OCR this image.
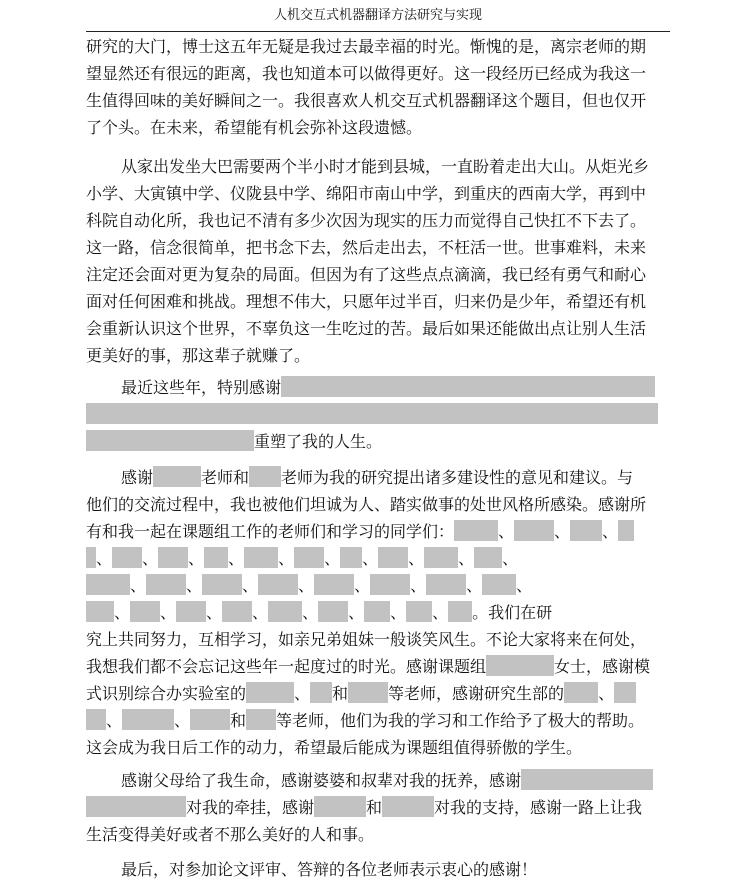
人机交互式机器翻译方法研究与实现
研究的大门，博士这五年无疑是我过去最幸福的时光。惭愧的是，离宗老师的期
望显然还有很远的距离，我也知道本可以做得更好。这一段经历已经成为我这一
生值得回味的美好瞬间之一。我很喜欢人机交互式机器翻译这个题目，但也仅开
了个头。在未来，希望能有机会弥补这段遗憾。
从家出发坐大巴需要两个半小时才能到县城，一直盼着走出大山。从炬光乡
小学、大寅镇中学、仪陇县中学、绵阳市南山中学，到重庆的西南大学，再到中
科院自动化所，我也记不清有多少次因为现实的压力而觉得自己快扛不下去了。
这一路，信念很简单，把书念下去，然后走出去，不枉活一世。世事难料，未来
注定还会面对更为复杂的局面。但因为有了这些点点滴滴，我已经有勇气和耐心
面对任何困难和挑战。理想不伟大，只愿年过半百，归来仍是少年，希望还有机
会重新认识这个世界，不辜负这一生吃过的苦。最后如果还能做出点让别人生活
更美好的事，那这辈子就赚了。
最近这些年，特别感谢
重塑了我的人生。
感谢	老师和 老师为我的研究提出诸多建设性的意见和建议。与
他们的交流过程中，我也被他们坦诚为人、踏实做事的处世风格所感染。感谢所
有和我一起在课题组工作的老师们和学习的同学们：	、	、 、
、 、 、 、 、 、 、 、 、 、
、	、	、	、	、	、	、 、
、 、 、 、 、 、 、 、 。我们在研
究上共同努力，互相学习，如亲兄弟姐妹一般谈笑风生。不论大家将来在何处，
我想我们都不会忘记这些年一起度过的时光。感谢课题组	女士，感谢模
式识别综合办实验室的	、 和	等老师，感谢研究生部的 、
、	、	和 等老师，他们为我的学习和工作给予了极大的帮助。
这会成为我日后工作的动力，希望最后能成为课题组值得骄傲的学生。
感谢父母给了我生命，感谢婆婆和叔辈对我的抚养，感谢
对我的牵挂，感谢	和	对我的支持，感谢一路上让我
生活变得美好或者不那么美好的人和事。
最后，对参加论文评审、答辩的各位老师表示衷心的感谢！
